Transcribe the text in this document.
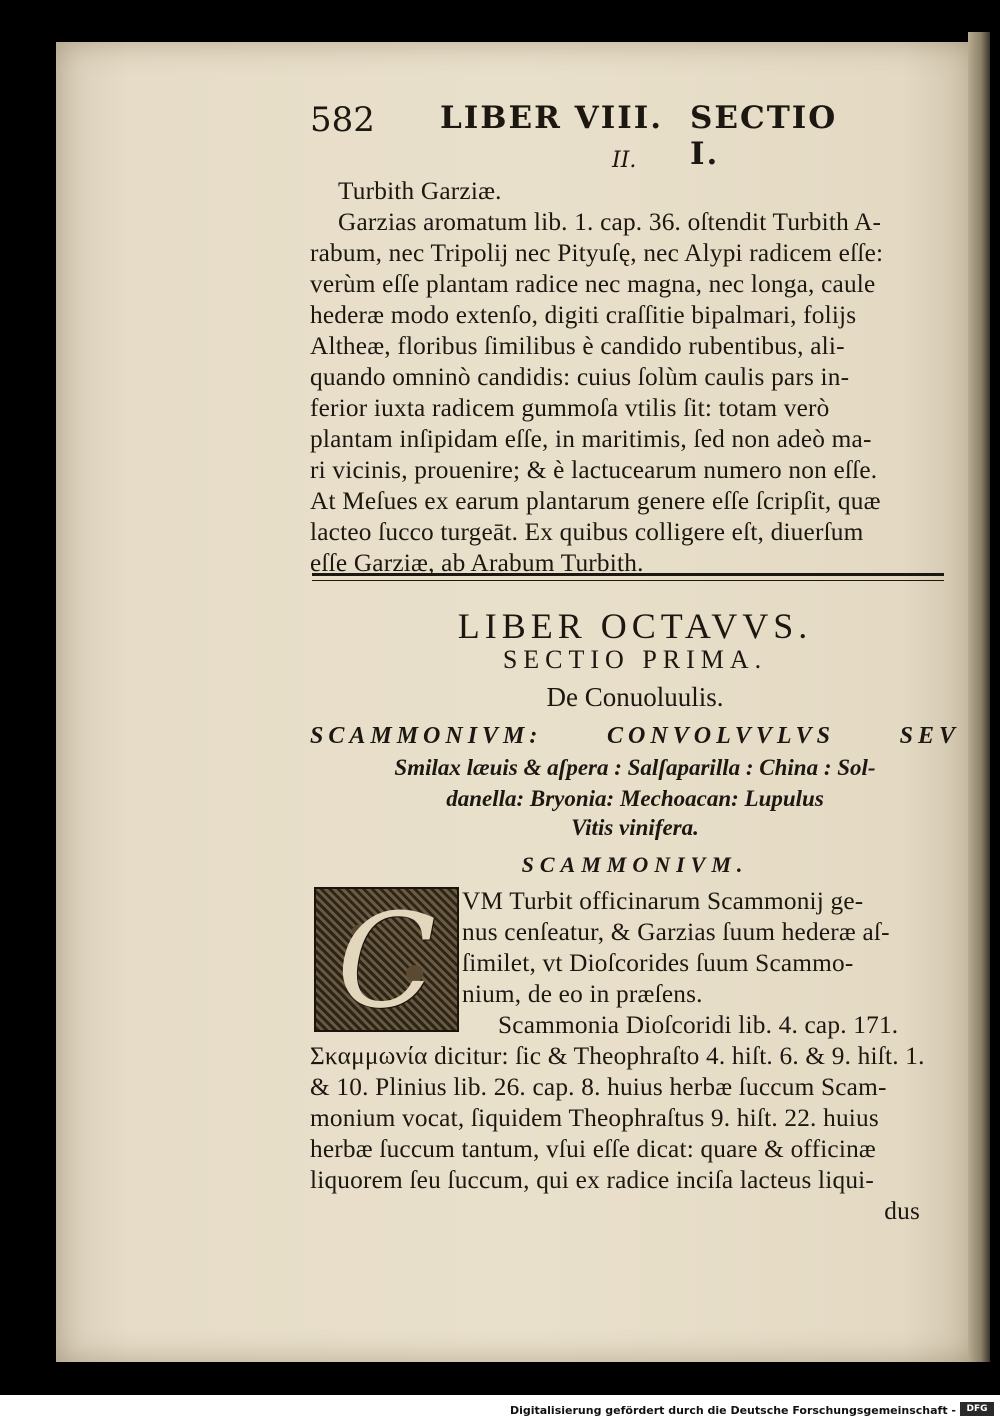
582 LIBER VIII. SECTIO I.
II.
Turbith Garziæ.
Garzias aromatum lib. 1. cap. 36. oſtendit Turbith A-
rabum, nec Tripolij nec Pityuſę, nec Alypi radicem eſſe:
verùm eſſe plantam radice nec magna, nec longa, caule
hederæ modo extenſo, digiti craſſitie bipalmari, folijs
Altheæ, floribus ſimilibus è candido rubentibus, ali-
quando omninò candidis: cuius ſolùm caulis pars in-
ferior iuxta radicem gummoſa vtilis ſit: totam verò
plantam inſipidam eſſe, in maritimis, ſed non adeò ma-
ri vicinis, prouenire; & è lactucearum numero non eſſe.
At Meſues ex earum plantarum genere eſſe ſcripſit, quæ
lacteo ſucco turgeāt. Ex quibus colligere eſt, diuerſum
eſſe Garziæ, ab Arabum Turbith.
LIBER OCTAVVS.
SECTIO PRIMA.
De Conuoluulis.
SCAMMONIVM: CONVOLVVLVS SEV
Smilax læuis & aſpera : Salſaparilla : China : Sol-
danella: Bryonia: Mechoacan: Lupulus
Vitis vinifera.
SCAMMONIVM.
C	VM Turbit officinarum Scammonij ge-
nus cenſeatur, & Garzias ſuum hederæ aſ-
ſimilet, vt Dioſcorides ſuum Scammo-
nium, de eo in præſens.
Scammonia Dioſcoridi lib. 4. cap. 171.
Σκαμμωνία dicitur: ſic & Theophraſto 4. hiſt. 6. & 9. hiſt. 1.
& 10. Plinius lib. 26. cap. 8. huius herbæ ſuccum Scam-
monium vocat, ſiquidem Theophraſtus 9. hiſt. 22. huius
herbæ ſuccum tantum, vſui eſſe dicat: quare & officinæ
liquorem ſeu ſuccum, qui ex radice inciſa lacteus liqui-
dus
Digitalisierung gefördert durch die Deutsche Forschungsgemeinschaft -	DFG
